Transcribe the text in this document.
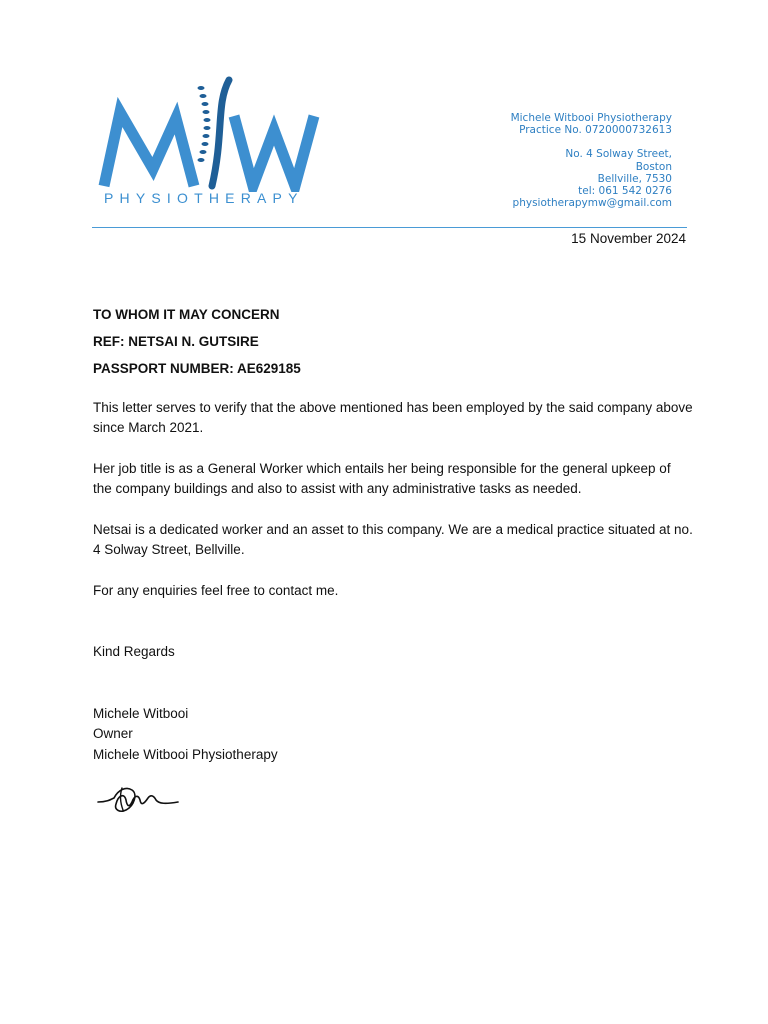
PHYSIOTHERAPY
Michele Witbooi Physiotherapy
Practice No. 0720000732613
No. 4 Solway Street,
Boston
Bellville, 7530
tel: 061 542 0276
physiotherapymw@gmail.com
15 November 2024

TO WHOM IT MAY CONCERN

REF: NETSAI N. GUTSIRE

PASSPORT NUMBER: AE629185

This letter serves to verify that the above mentioned has been employed by the said company above since March 2021.

Her job title is as a General Worker which entails her being responsible for the general upkeep of the company buildings and also to assist with any administrative tasks as needed.

Netsai is a dedicated worker and an asset to this company. We are a medical practice situated at no. 4 Solway Street, Bellville.

For any enquiries feel free to contact me.

Kind Regards

Michele Witbooi

Owner

Michele Witbooi Physiotherapy
